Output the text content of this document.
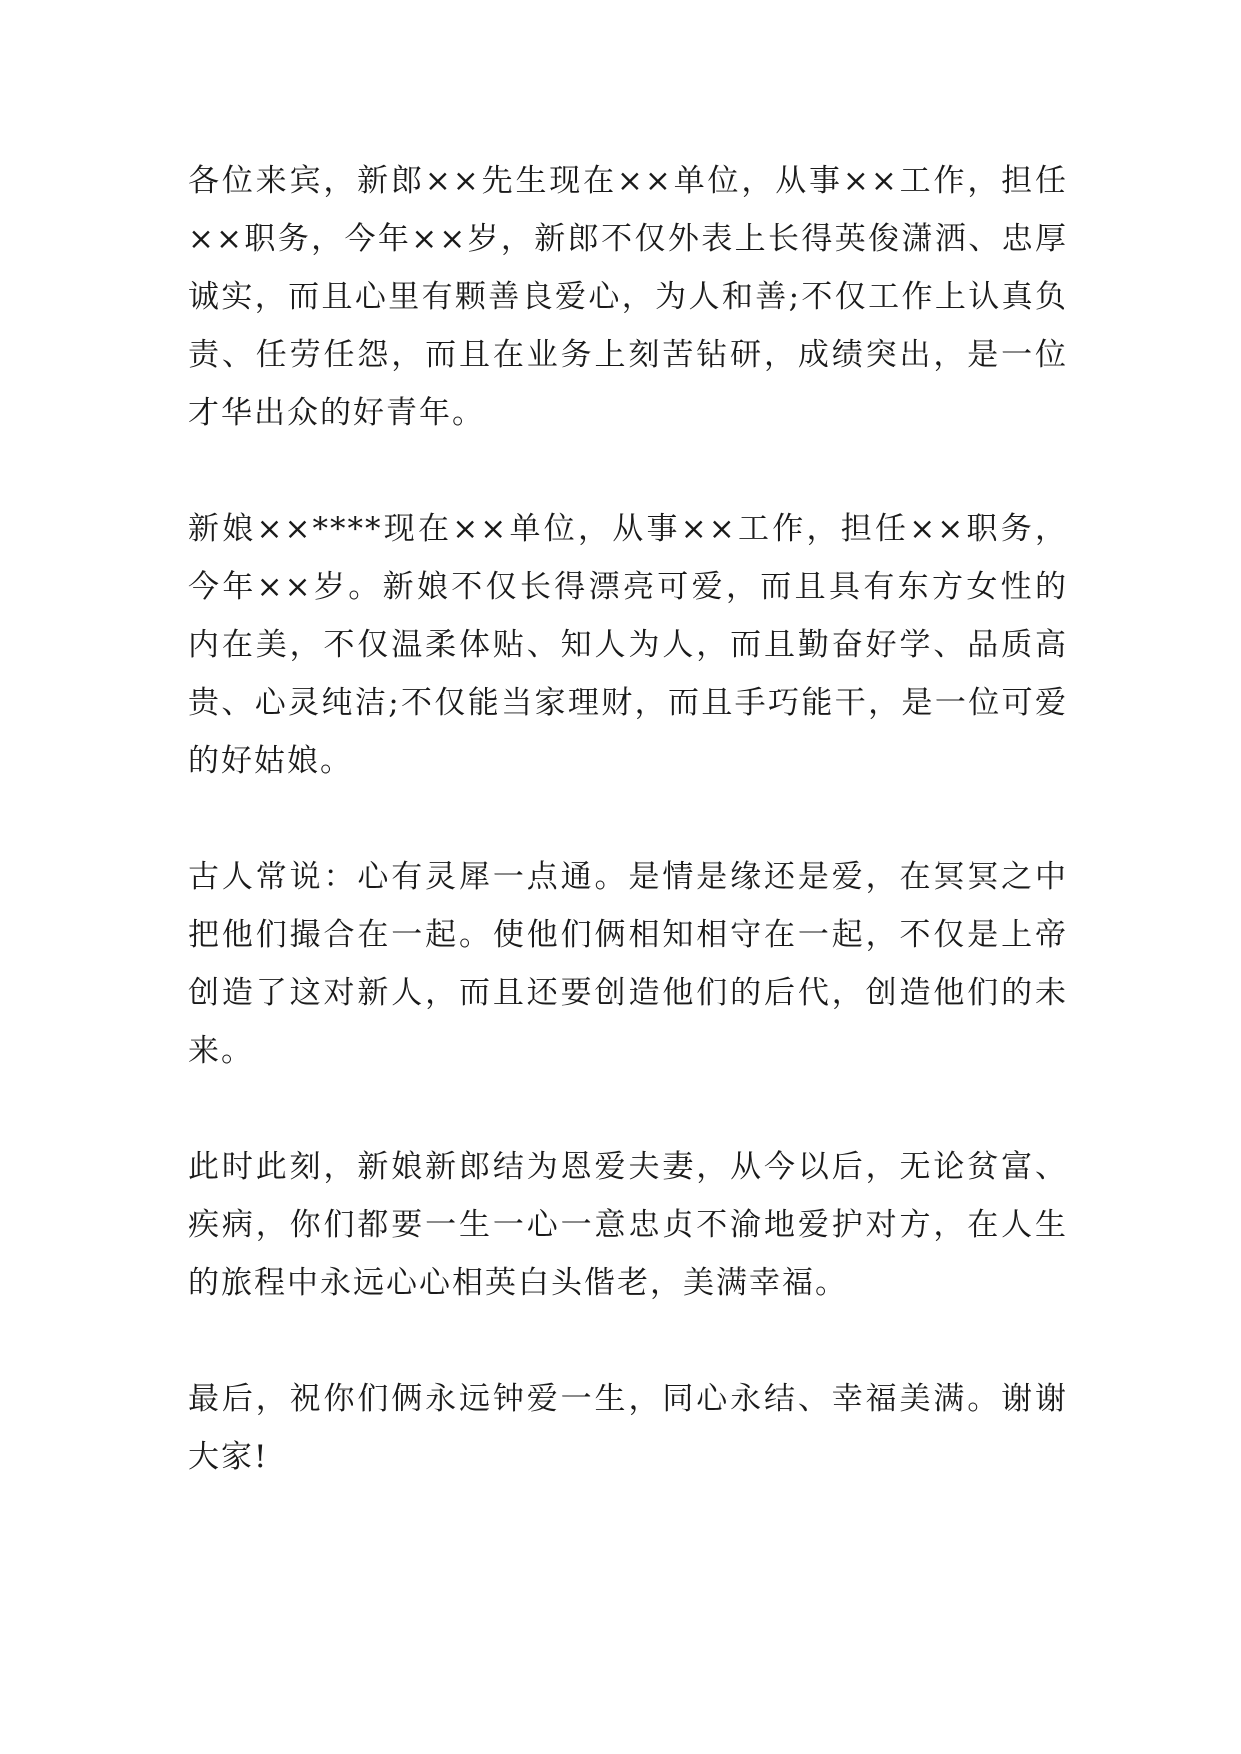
各位来宾，新郎××先生现在××单位，从事××工作，担任××职务，今年××岁，新郎不仅外表上长得英俊潇洒、忠厚诚实，而且心里有颗善良爱心，为人和善;不仅工作上认真负责、任劳任怨，而且在业务上刻苦钻研，成绩突出，是一位才华出众的好青年。

新娘××****现在××单位，从事××工作，担任××职务，今年××岁。新娘不仅长得漂亮可爱，而且具有东方女性的内在美，不仅温柔体贴、知人为人，而且勤奋好学、品质高贵、心灵纯洁;不仅能当家理财，而且手巧能干，是一位可爱的好姑娘。

古人常说：心有灵犀一点通。是情是缘还是爱，在冥冥之中把他们撮合在一起。使他们俩相知相守在一起，不仅是上帝创造了这对新人，而且还要创造他们的后代，创造他们的未来。

此时此刻，新娘新郎结为恩爱夫妻，从今以后，无论贫富、疾病，你们都要一生一心一意忠贞不渝地爱护对方，在人生的旅程中永远心心相英白头偕老，美满幸福。

最后，祝你们俩永远钟爱一生，同心永结、幸福美满。谢谢大家!
